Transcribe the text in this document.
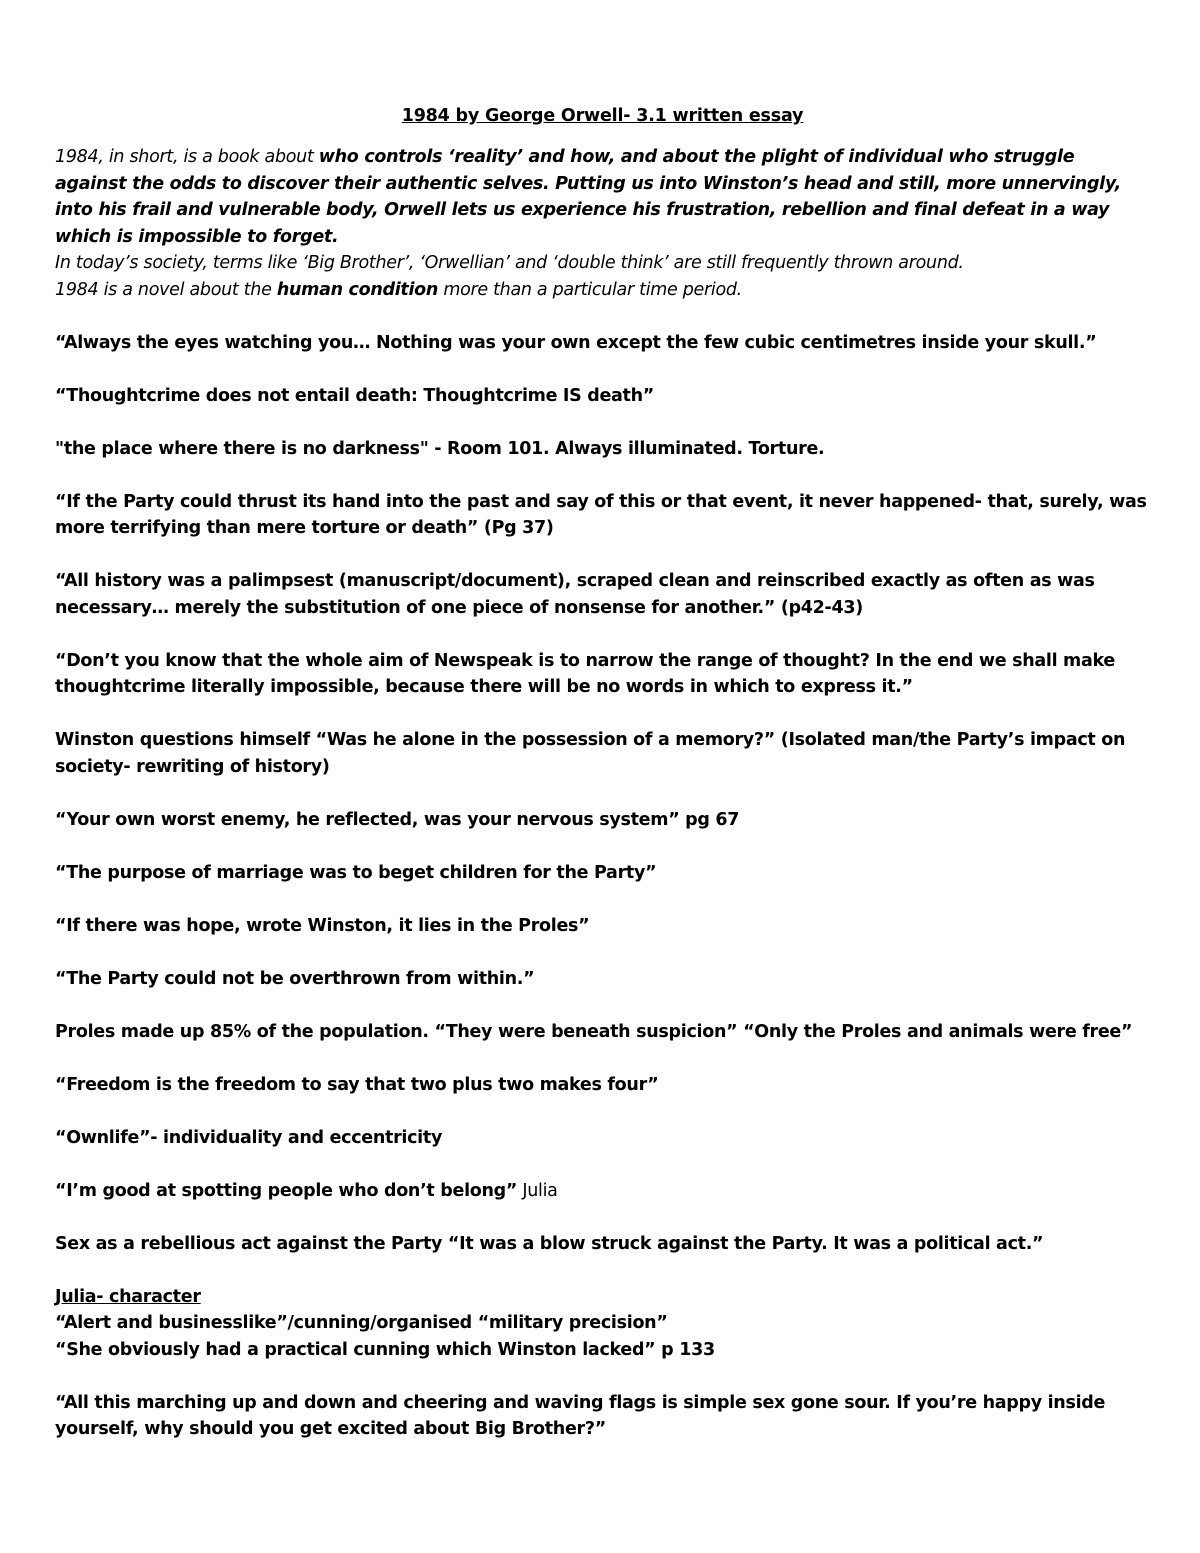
1984 by George Orwell- 3.1 written essay
1984, in short, is a book about who controls ‘reality’ and how, and about the plight of individual who struggle against the odds to discover their authentic selves. Putting us into Winston’s head and still, more unnervingly, into his frail and vulnerable body, Orwell lets us experience his frustration, rebellion and final defeat in a way which is impossible to forget.
In today’s society, terms like ‘Big Brother’, ‘Orwellian’ and ‘double think’ are still frequently thrown around.
1984 is a novel about the human condition more than a particular time period.
“Always the eyes watching you… Nothing was your own except the few cubic centimetres inside your skull.”
“Thoughtcrime does not entail death: Thoughtcrime IS death”
"the place where there is no darkness" - Room 101. Always illuminated. Torture.
“If the Party could thrust its hand into the past and say of this or that event, it never happened- that, surely, was more terrifying than mere torture or death” (Pg 37)
“All history was a palimpsest (manuscript/document), scraped clean and reinscribed exactly as often as was necessary… merely the substitution of one piece of nonsense for another.” (p42-43)
“Don’t you know that the whole aim of Newspeak is to narrow the range of thought? In the end we shall make thoughtcrime literally impossible, because there will be no words in which to express it.”
Winston questions himself “Was he alone in the possession of a memory?” (Isolated man/the Party’s impact on society- rewriting of history)
“Your own worst enemy, he reflected, was your nervous system” pg 67
“The purpose of marriage was to beget children for the Party”
“If there was hope, wrote Winston, it lies in the Proles”
“The Party could not be overthrown from within.”
Proles made up 85% of the population. “They were beneath suspicion” “Only the Proles and animals were free”
“Freedom is the freedom to say that two plus two makes four”
“Ownlife”- individuality and eccentricity
“I’m good at spotting people who don’t belong” Julia
Sex as a rebellious act against the Party “It was a blow struck against the Party. It was a political act.”
Julia- character
“Alert and businesslike”/cunning/organised “military precision”
“She obviously had a practical cunning which Winston lacked” p 133
“All this marching up and down and cheering and waving flags is simple sex gone sour. If you’re happy inside yourself, why should you get excited about Big Brother?”
